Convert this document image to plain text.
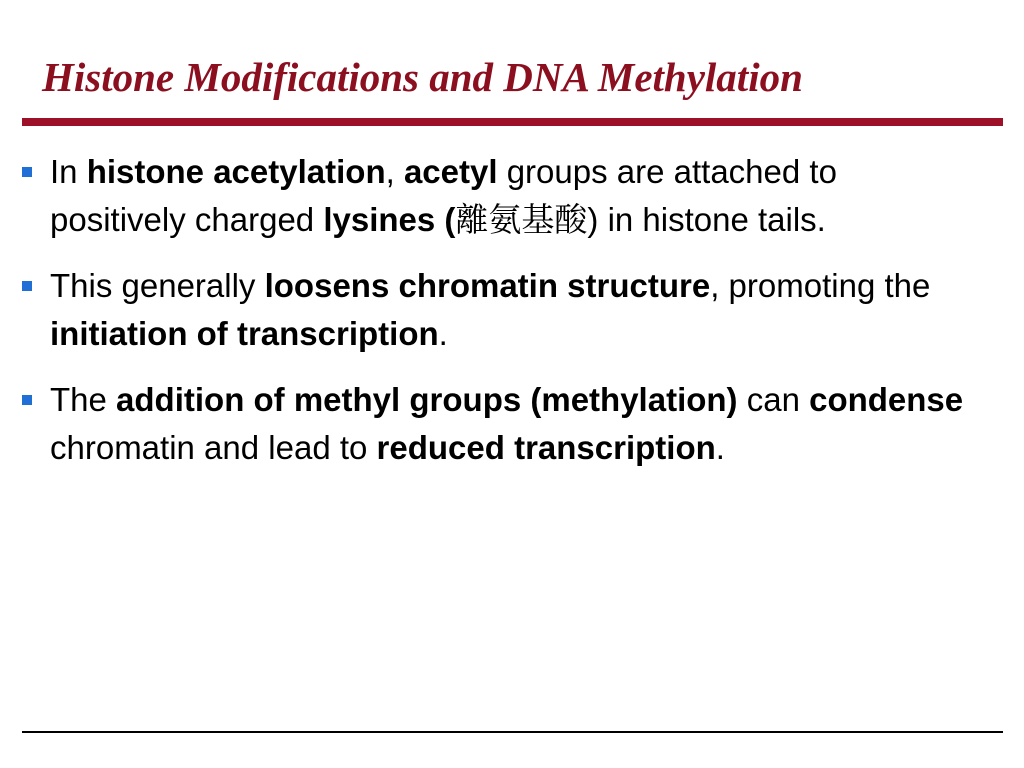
Histone Modifications and DNA Methylation
In histone acetylation, acetyl groups are attached to positively charged lysines (離氨基酸) in histone tails.
This generally loosens chromatin structure, promoting the initiation of transcription.
The addition of methyl groups (methylation) can condense chromatin and lead to reduced transcription.
